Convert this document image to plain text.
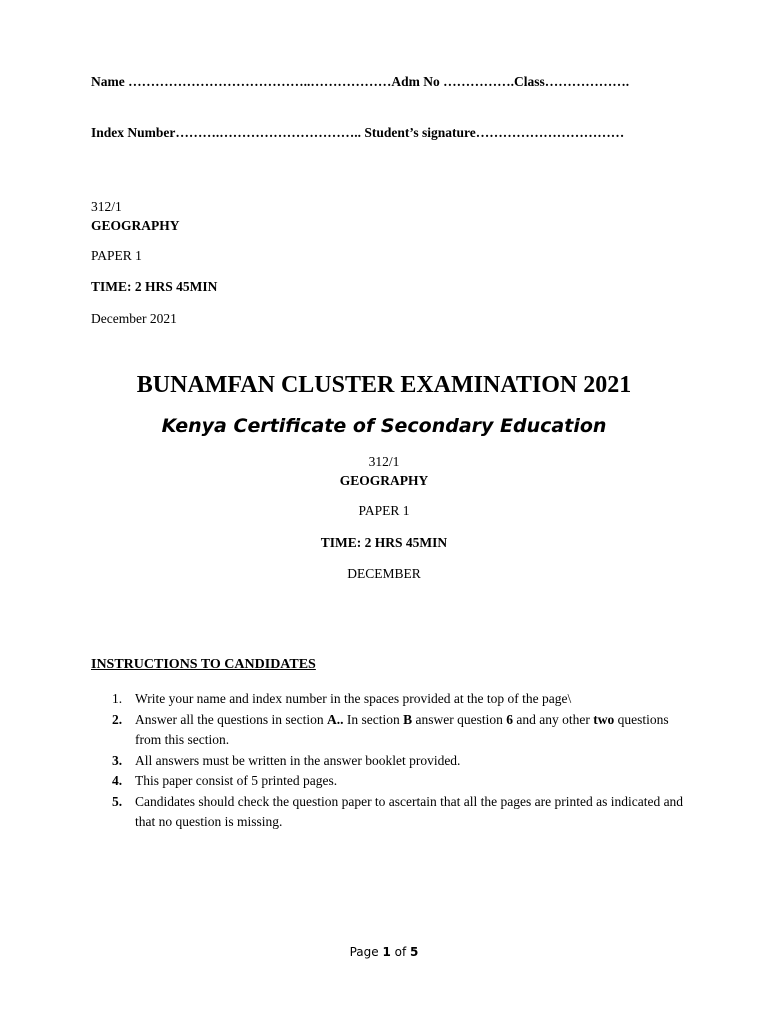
Name …………………………………..………………Adm No …………….Class……………….
Index Number……….………………………….. Student’s signature……………………………
312/1
GEOGRAPHY
PAPER 1
TIME: 2 HRS 45MIN
December 2021
BUNAMFAN CLUSTER EXAMINATION 2021
Kenya Certificate of Secondary Education
312/1
GEOGRAPHY
PAPER 1
TIME: 2 HRS 45MIN
DECEMBER
INSTRUCTIONS TO CANDIDATES
1. Write your name and index number in the spaces provided at the top of the page\
2. Answer all the questions in section A.. In section B answer question 6 and any other two questions from this section.
3. All answers must be written in the answer booklet provided.
4. This paper consist of 5 printed pages.
5. Candidates should check the question paper to ascertain that all the pages are printed as indicated and that no question is missing.
Page 1 of 5
